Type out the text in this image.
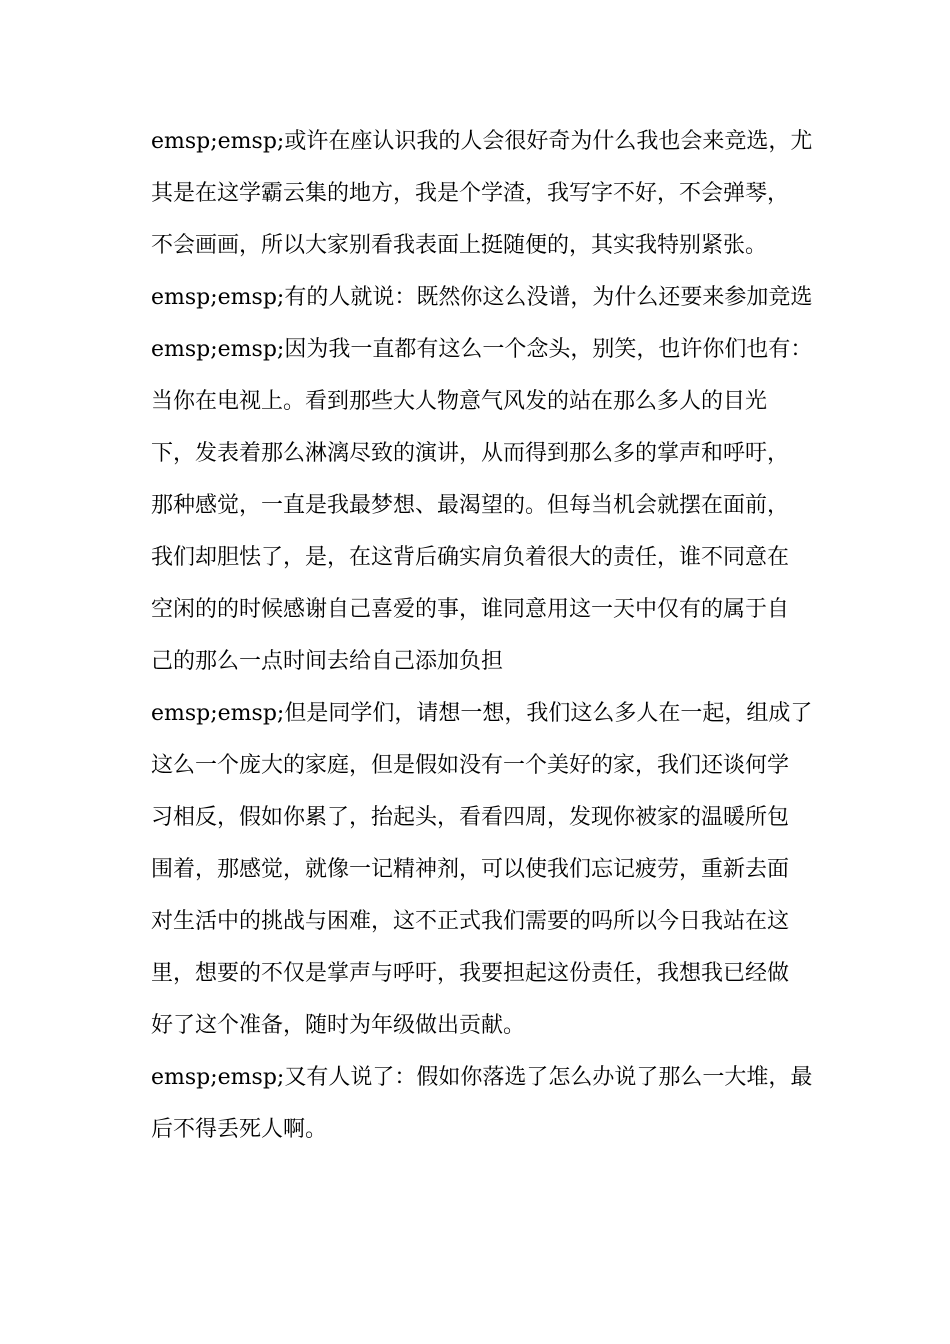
emsp;emsp;或许在座认识我的人会很好奇为什么我也会来竞选，尤
其是在这学霸云集的地方，我是个学渣，我写字不好，不会弹琴，
不会画画，所以大家别看我表面上挺随便的，其实我特别紧张。
emsp;emsp;有的人就说：既然你这么没谱，为什么还要来参加竞选
emsp;emsp;因为我一直都有这么一个念头，别笑，也许你们也有：
当你在电视上。看到那些大人物意气风发的站在那么多人的目光
下，发表着那么淋漓尽致的演讲，从而得到那么多的掌声和呼吁，
那种感觉，一直是我最梦想、最渴望的。但每当机会就摆在面前，
我们却胆怯了，是，在这背后确实肩负着很大的责任，谁不同意在
空闲的的时候感谢自己喜爱的事，谁同意用这一天中仅有的属于自
己的那么一点时间去给自己添加负担
emsp;emsp;但是同学们，请想一想，我们这么多人在一起，组成了
这么一个庞大的家庭，但是假如没有一个美好的家，我们还谈何学
习相反，假如你累了，抬起头，看看四周，发现你被家的温暖所包
围着，那感觉，就像一记精神剂，可以使我们忘记疲劳，重新去面
对生活中的挑战与困难，这不正式我们需要的吗所以今日我站在这
里，想要的不仅是掌声与呼吁，我要担起这份责任，我想我已经做
好了这个准备，随时为年级做出贡献。
emsp;emsp;又有人说了：假如你落选了怎么办说了那么一大堆，最
后不得丢死人啊。
